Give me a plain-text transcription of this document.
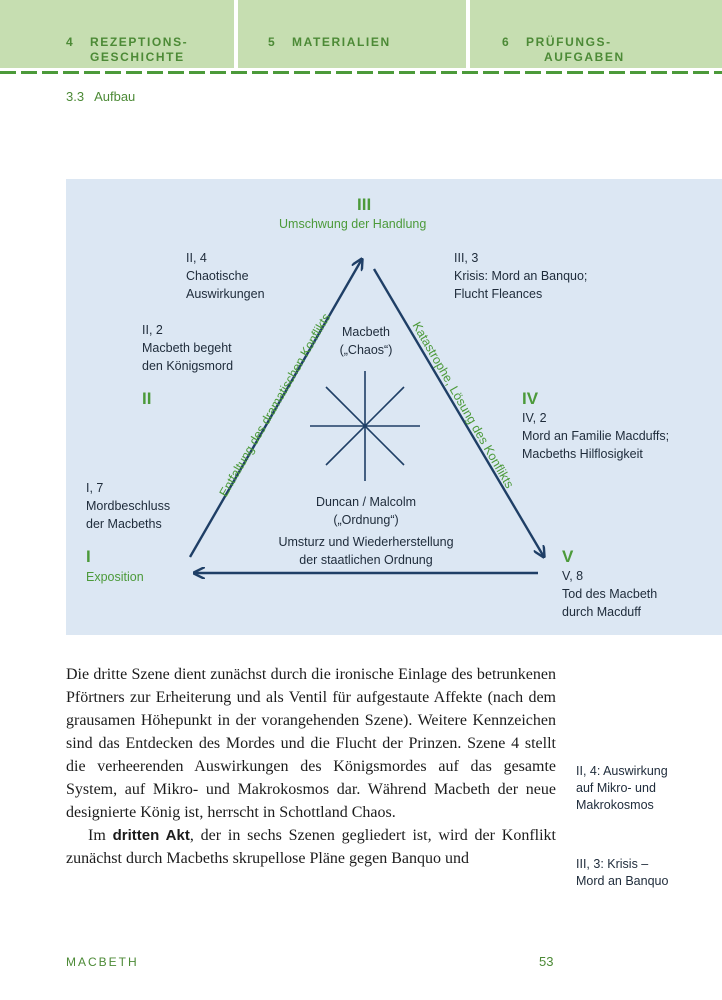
4 REZEPTIONS-
GESCHICHTE
5 MATERIALIEN	6 PRÜFUNGS-
AUFGABEN
3.3 Aufbau
III
Umschwung der Handlung
II	IV
I
Exposition
V
II, 4
Chaotische
Auswirkungen
II, 2
Macbeth begeht
den Königsmord
I, 7
Mordbeschluss
der Macbeths
III, 3
Krisis: Mord an Banquo;
Flucht Fleances
IV, 2
Mord an Familie Macduffs;
Macbeths Hilflosigkeit
V, 8
Tod des Macbeth
durch Macduff
Entfaltung des dramatischen Konflikts	Katastrophe, Lösung des Konflikts
Macbeth
(„Chaos“)
Duncan / Malcolm
(„Ordnung“)
Umsturz und Wiederherstellung
der staatlichen Ordnung

Die dritte Szene dient zunächst durch die ironische Einlage des betrunkenen Pförtners zur Erheiterung und als Ventil für aufgestaute Affekte (nach dem grausamen Höhepunkt in der vorangehenden Szene). Weitere Kennzeichen sind das Entdecken des Mordes und die Flucht der Prinzen. Szene 4 stellt die verheerenden Auswirkungen des Königsmordes auf das gesamte System, auf Mikro- und Makrokosmos dar. Während Macbeth der neue designierte König ist, herrscht in Schottland Chaos.

Im dritten Akt, der in sechs Szenen gegliedert ist, wird der Konflikt zunächst durch Macbeths skrupellose Pläne gegen Banquo und

II, 4: Auswirkung
auf Mikro- und
Makrokosmos
III, 3: Krisis –
Mord an Banquo
MACBETH	53
